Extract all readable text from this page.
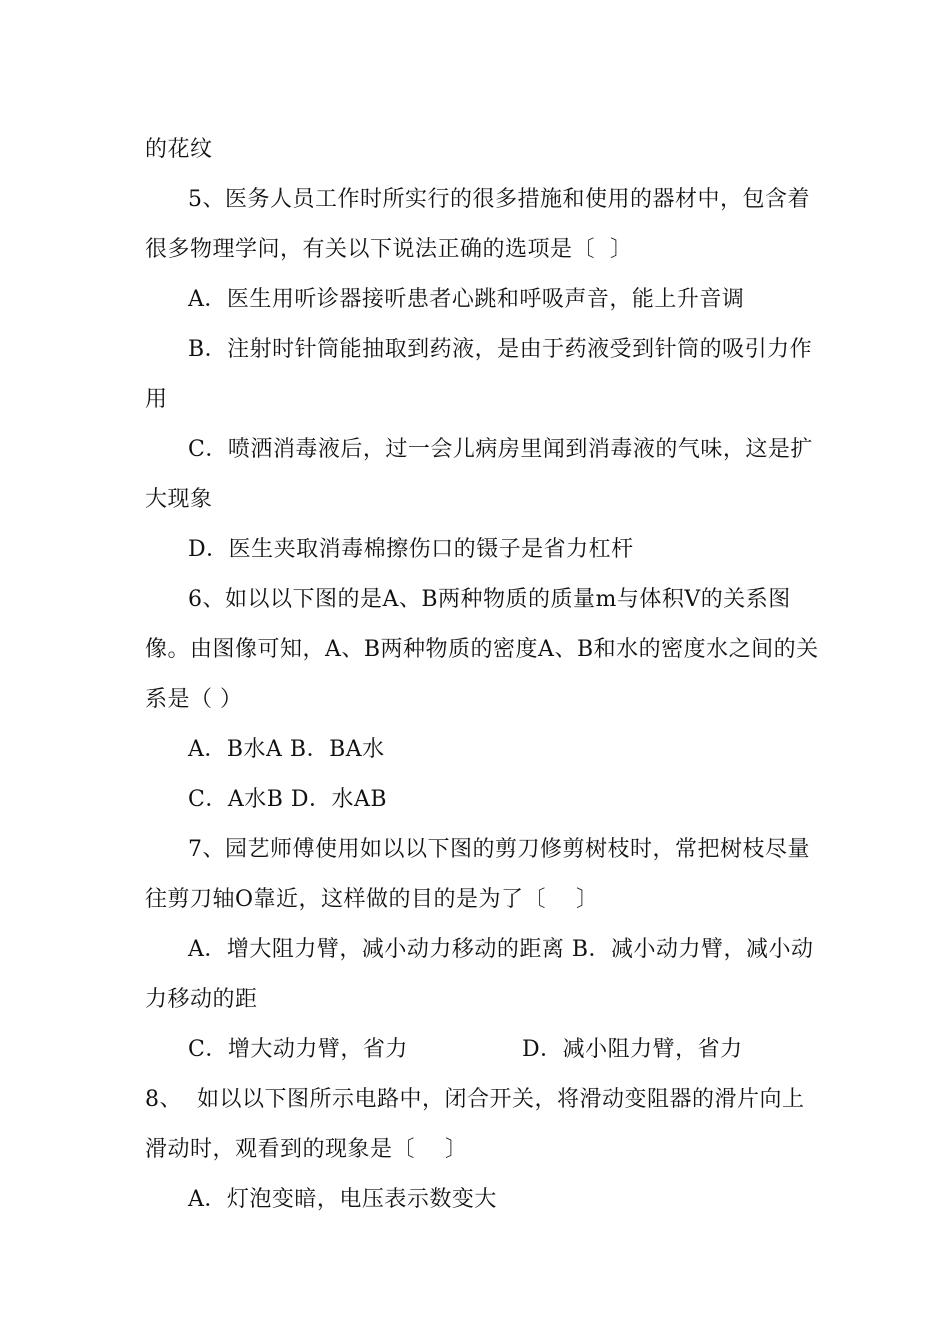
的花纹
5、医务人员工作时所实行的很多措施和使用的器材中，包含着
很多物理学问，有关以下说法正确的选项是〔  〕
A．医生用听诊器接听患者心跳和呼吸声音，能上升音调
B．注射时针筒能抽取到药液，是由于药液受到针筒的吸引力作
用
C．喷洒消毒液后，过一会儿病房里闻到消毒液的气味，这是扩
大现象
D．医生夹取消毒棉擦伤口的镊子是省力杠杆
6、如以以下图的是A、B两种物质的质量m与体积V的关系图
像。由图像可知，A、B两种物质的密度A、B和水的密度水之间的关
系是（ ）
A．B水A B．BA水
C．A水B D．水AB
7、园艺师傅使用如以以下图的剪刀修剪树枝时，常把树枝尽量
往剪刀轴O靠近，这样做的目的是为了〔    〕
A．增大阻力臂，减小动力移动的距离 B．减小动力臂，减小动
力移动的距
C．增大动力臂，省力	D．减小阻力臂，省力
8、  如以以下图所示电路中，闭合开关，将滑动变阻器的滑片向上
滑动时，观看到的现象是〔    〕
A．灯泡变暗，电压表示数变大
